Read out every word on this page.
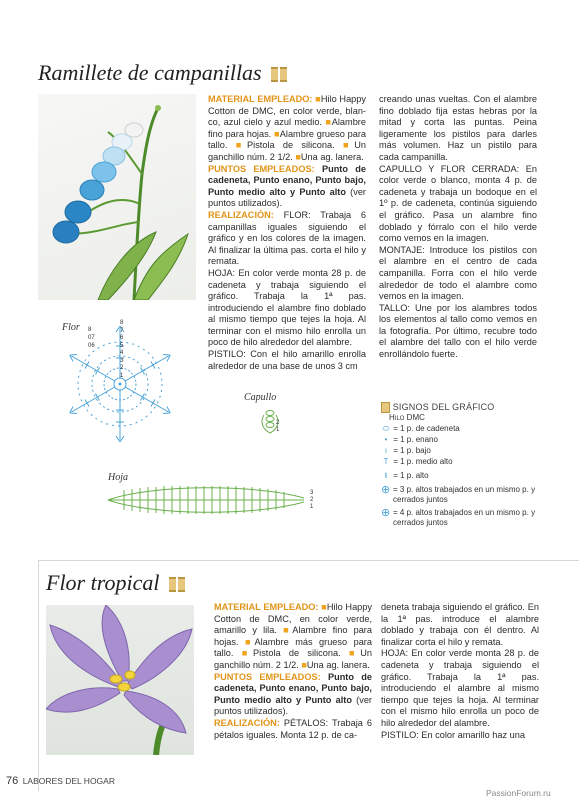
Ramillete de campanillas

MATERIAL EMPLEADO: ■Hilo Happy Cotton de DMC, en color verde, blan- co, azul cielo y azul medio. ■Alambre fino para hojas. ■Alambre grueso para tallo. ■Pistola de silicona. ■Un ganchillo núm. 2 1/2. ■Una ag. lanera.

PUNTOS EMPLEADOS: Punto de cadeneta, Punto enano, Punto bajo, Punto medio alto y Punto alto (ver puntos utilizados).

REALIZACIÓN: FLOR: Trabaja 6 campanillas iguales siguiendo el gráfico y en los colores de la imagen. Al finalizar la última pas. corta el hilo y remata.

HOJA: En color verde monta 28 p. de cadeneta y trabaja siguiendo el gráfico. Trabaja la 1ª pas. introduciendo el alambre fino doblado al mismo tiempo que tejes la hoja. Al terminar con el mismo hilo enrolla un poco de hilo alrededor del alambre.

PISTILO: Con el hilo amarillo enrolla alrededor de una base de unos 3 cm

creando unas vueltas. Con el alambre fino doblado fija estas hebras por la mitad y corta las puntas. Peina ligeramente los pistilos para darles más volumen. Haz un pistilo para cada campanilla.

CAPULLO Y FLOR CERRADA: En color verde o blanco, monta 4 p. de cadeneta y trabaja un bodoque en el 1º p. de cadeneta, continúa siguiendo el gráfico. Pasa un alambre fino doblado y fórralo con el hilo verde como vemos en la imagen.

MONTAJE: Introduce los pistilos con el alambre en el centro de cada campanilla. Forra con el hilo verde alrededor de todo el alambre como vemos en la imagen.

TALLO: Une por los alambres todos los elementos al tallo como vemos en la fotografía. Por último, recubre todo el alambre del tallo con el hilo verde enrollándolo fuerte.

Flor	8
7
6
5
4
3
2
1
8
07
06
Capullo
2
1
SIGNOS DEL GRÁFICO
Hilo DMC
⬭ = 1 p. de cadeneta
• = 1 p. enano
ı = 1 p. bajo
T = 1 p. medio alto
ŧ = 1 p. alto
⊕ = 3 p. altos trabajados en un mismo p. y cerrados juntos
⊕ = 4 p. altos trabajados en un mismo p. y cerrados juntos
Hoja
3
2
1
Flor tropical

MATERIAL EMPLEADO: ■Hilo Happy Cotton de DMC, en color verde, amarillo y lila. ■Alambre fino para hojas. ■Alambre más grueso para tallo. ■Pistola de silicona. ■Un ganchillo núm. 2 1/2. ■Una ag. lanera.

PUNTOS EMPLEADOS: Punto de cadeneta, Punto enano, Punto bajo, Punto medio alto y Punto alto (ver puntos utilizados).

REALIZACIÓN: PÉTALOS: Trabaja 6 pétalos iguales. Monta 12 p. de ca-

deneta trabaja siguiendo el gráfico. En la 1ª pas. introduce el alambre doblado y trabaja con él dentro. Al finalizar corta el hilo y remata.

HOJA: En color verde monta 28 p. de cadeneta y trabaja siguiendo el gráfico. Trabaja la 1ª pas. introduciendo el alambre al mismo tiempo que tejes la hoja. Al terminar con el mismo hilo enrolla un poco de hilo alrededor del alambre.

PISTILO: En color amarillo haz una

76 LABORES DEL HOGAR
PassionForum.ru
